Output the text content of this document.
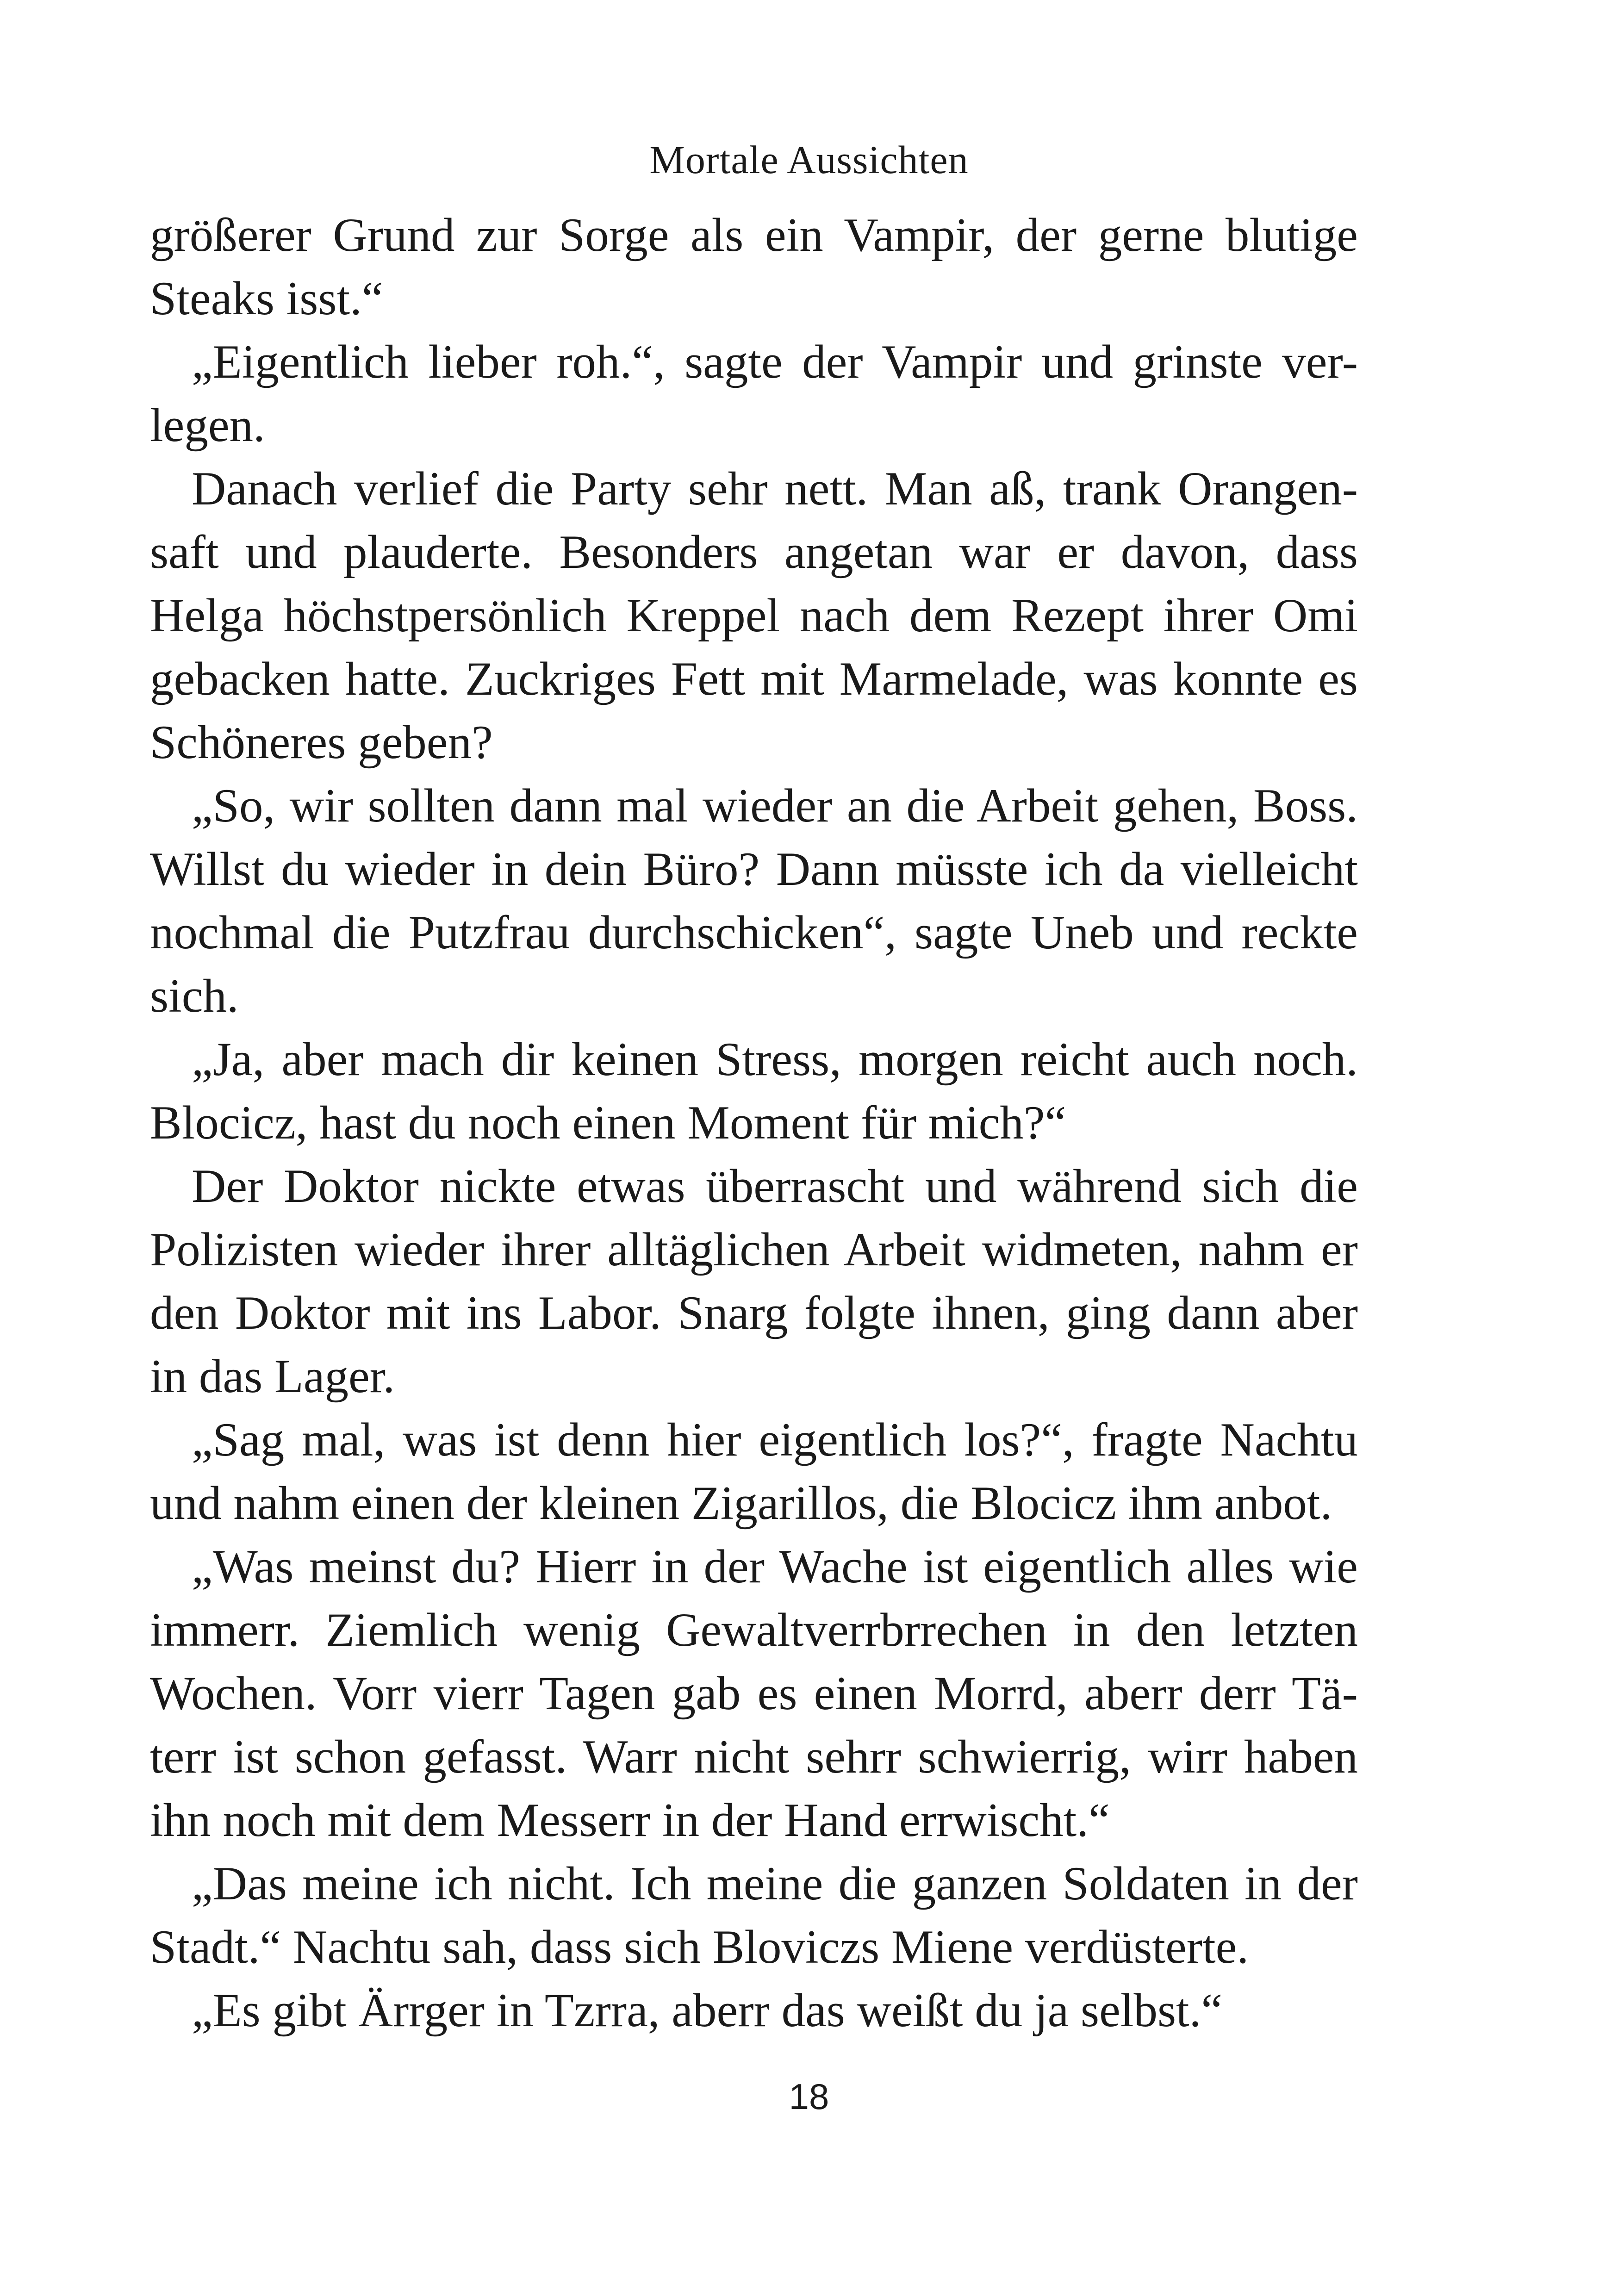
Mortale Aussichten
größerer Grund zur Sorge als ein Vampir, der gerne blutige
Steaks isst.“
„Eigentlich lieber roh.“, sagte der Vampir und grinste ver-
legen.
Danach verlief die Party sehr nett. Man aß, trank Orangen-
saft und plauderte. Besonders angetan war er davon, dass
Helga höchstpersönlich Kreppel nach dem Rezept ihrer Omi
gebacken hatte. Zuckriges Fett mit Marmelade, was konnte es
Schöneres geben?
„So, wir sollten dann mal wieder an die Arbeit gehen, Boss.
Willst du wieder in dein Büro? Dann müsste ich da vielleicht
nochmal die Putzfrau durchschicken“, sagte Uneb und reckte
sich.
„Ja, aber mach dir keinen Stress, morgen reicht auch noch.
Blocicz, hast du noch einen Moment für mich?“
Der Doktor nickte etwas überrascht und während sich die
Polizisten wieder ihrer alltäglichen Arbeit widmeten, nahm er
den Doktor mit ins Labor. Snarg folgte ihnen, ging dann aber
in das Lager.
„Sag mal, was ist denn hier eigentlich los?“, fragte Nachtu
und nahm einen der kleinen Zigarillos, die Blocicz ihm anbot.
„Was meinst du? Hierr in der Wache ist eigentlich alles wie
immerr. Ziemlich wenig Gewaltverrbrrechen in den letzten
Wochen. Vorr vierr Tagen gab es einen Morrd, aberr derr Tä-
terr ist schon gefasst. Warr nicht sehrr schwierrig, wirr haben
ihn noch mit dem Messerr in der Hand errwischt.“
„Das meine ich nicht. Ich meine die ganzen Soldaten in der
Stadt.“ Nachtu sah, dass sich Bloviczs Miene verdüsterte.
„Es gibt Ärrger in Tzrra, aberr das weißt du ja selbst.“
18
